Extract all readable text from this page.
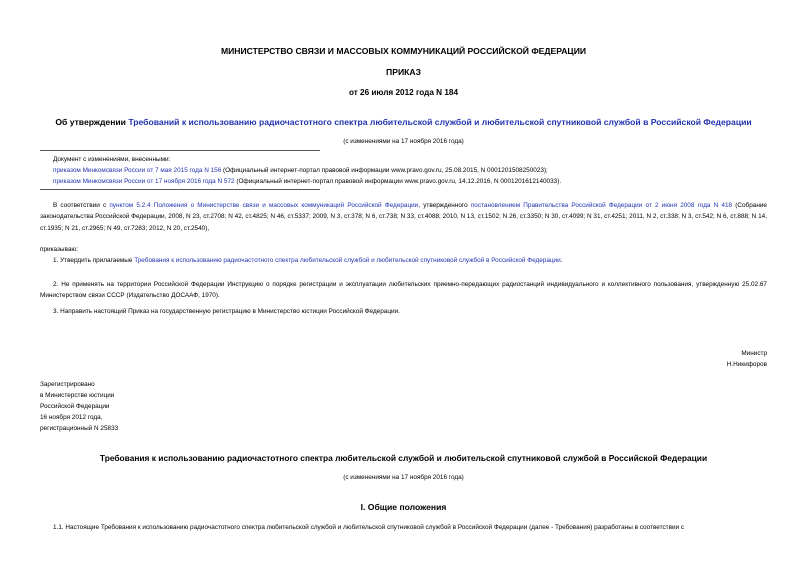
МИНИСТЕРСТВО СВЯЗИ И МАССОВЫХ КОММУНИКАЦИЙ РОССИЙСКОЙ ФЕДЕРАЦИИ
ПРИКАЗ
от 26 июля 2012 года N 184
Об утверждении Требований к использованию радиочастотного спектра любительской службой и любительской спутниковой службой в Российской Федерации
(с изменениями на 17 ноября 2016 года)
Документ с изменениями, внесенными:
приказом Минкомсвязи России от 7 мая 2015 года N 156 (Официальный интернет-портал правовой информации www.pravo.gov.ru, 25.08.2015, N 0001201508250023);
приказом Минкомсвязи России от 17 ноября 2016 года N 572 (Официальный интернет-портал правовой информации www.pravo.gov.ru, 14.12.2016, N 0001201612140033).
В соответствии с пунктом 5.2.4 Положения о Министерстве связи и массовых коммуникаций Российской Федерации, утвержденного постановлением Правительства Российской Федерации от 2 июня 2008 года N 418 (Собрание законодательства Российской Федерации, 2008, N 23, ст.2708; N 42, ст.4825; N 46, ст.5337; 2009, N 3, ст.378; N 6, ст.738; N 33, ст.4088; 2010, N 13, ст.1502; N 26, ст.3350; N 30, ст.4099; N 31, ст.4251; 2011, N 2, ст.338; N 3, ст.542; N 6, ст.888; N 14, ст.1935; N 21, ст.2965; N 49, ст.7283; 2012, N 20, ст.2540),
приказываю:
1. Утвердить прилагаемые Требования к использованию радиочастотного спектра любительской службой и любительской спутниковой службой в Российской Федерации.
2. Не применять на территории Российской Федерации Инструкцию о порядке регистрации и эксплуатации любительских приемно-передающих радиостанций индивидуального и коллективного пользования, утвержденную 25.02.67 Министерством связи СССР (Издательство ДОСААФ, 1970).
3. Направить настоящий Приказ на государственную регистрацию в Министерство юстиции Российской Федерации.
Министр
Н.Никифоров
Зарегистрировано
в Министерстве юстиции
Российской Федерации
16 ноября 2012 года,
регистрационный N 25833
Требования к использованию радиочастотного спектра любительской службой и любительской спутниковой службой в Российской Федерации
(с изменениями на 17 ноября 2016 года)
I. Общие положения
1.1. Настоящие Требования к использованию радиочастотного спектра любительской службой и любительской спутниковой службой в Российской Федерации (далее - Требования) разработаны в соответствии с
